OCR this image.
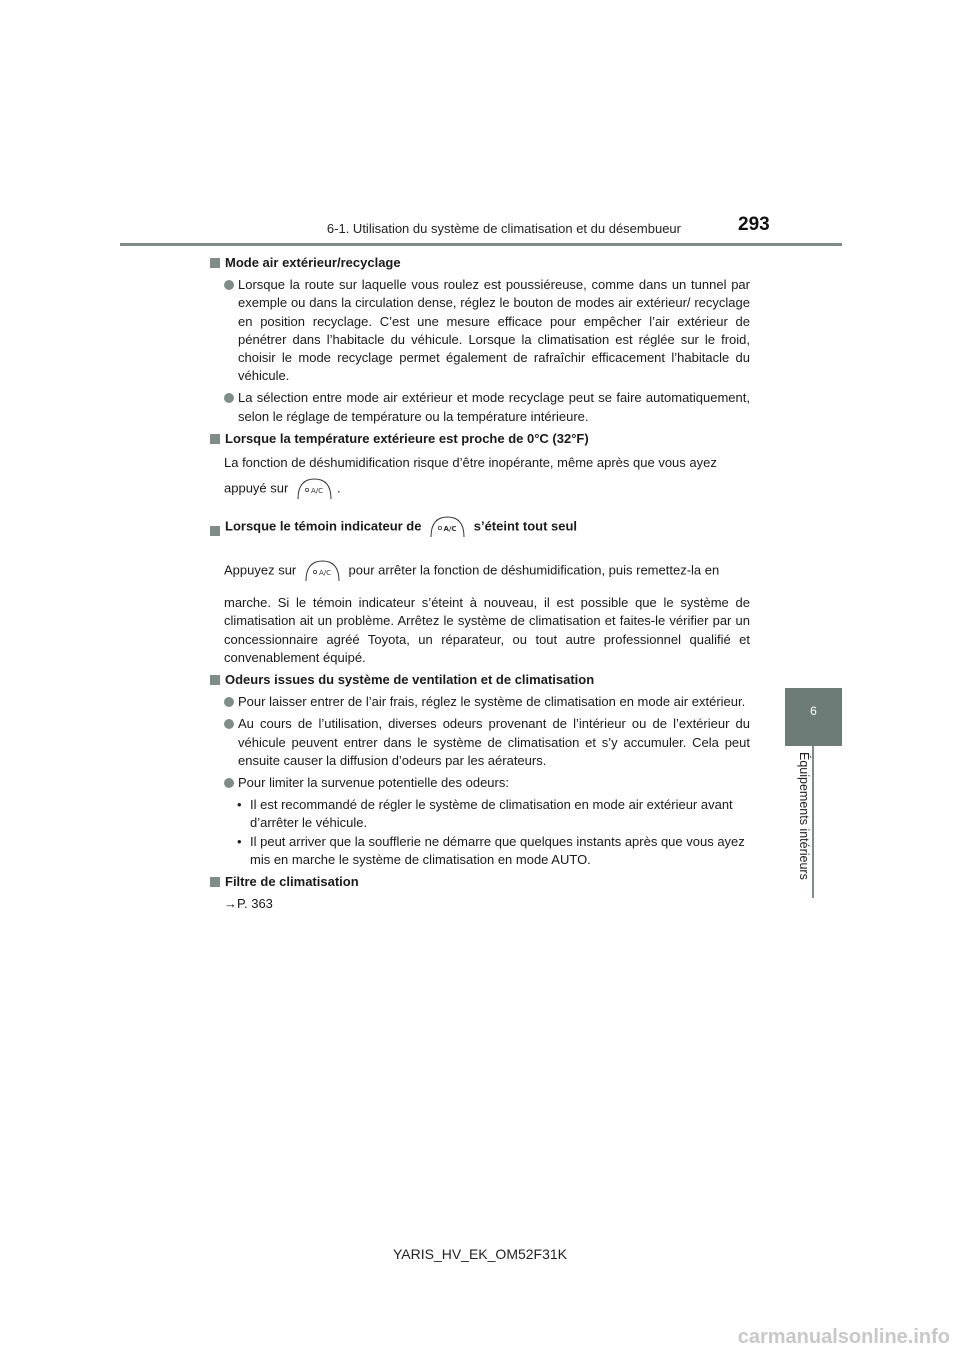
6-1. Utilisation du système de climatisation et du désembueur	293
6
Équipements intérieurs
Mode air extérieur/recyclage
Lorsque la route sur laquelle vous roulez est poussiéreuse, comme dans un tunnel par exemple ou dans la circulation dense, réglez le bouton de modes air extérieur/ recyclage en position recyclage. C’est une mesure efficace pour empêcher l’air extérieur de pénétrer dans l’habitacle du véhicule. Lorsque la climatisation est réglée sur le froid, choisir le mode recyclage permet également de rafraîchir efficacement l’habitacle du véhicule.
La sélection entre mode air extérieur et mode recyclage peut se faire automatiquement, selon le réglage de température ou la température intérieure.
Lorsque la température extérieure est proche de 0°C (32°F)
La fonction de déshumidification risque d’être inopérante, même après que vous ayez
appuyé sur	A/C .
Lorsque le témoin indicateur de	A/C s’éteint tout seul
Appuyez sur	A/C pour arrêter la fonction de déshumidification, puis remettez-la en
marche. Si le témoin indicateur s’éteint à nouveau, il est possible que le système de climatisation ait un problème. Arrêtez le système de climatisation et faites-le vérifier par un concessionnaire agréé Toyota, un réparateur, ou tout autre professionnel qualifié et convenablement équipé.
Odeurs issues du système de ventilation et de climatisation
Pour laisser entrer de l’air frais, réglez le système de climatisation en mode air extérieur.
Au cours de l’utilisation, diverses odeurs provenant de l’intérieur ou de l’extérieur du véhicule peuvent entrer dans le système de climatisation et s’y accumuler. Cela peut ensuite causer la diffusion d’odeurs par les aérateurs.
Pour limiter la survenue potentielle des odeurs:
• Il est recommandé de régler le système de climatisation en mode air extérieur avant d’arrêter le véhicule.
• Il peut arriver que la soufflerie ne démarre que quelques instants après que vous ayez mis en marche le système de climatisation en mode AUTO.
Filtre de climatisation
→P. 363
YARIS_HV_EK_OM52F31K
carmanualsonline.info
